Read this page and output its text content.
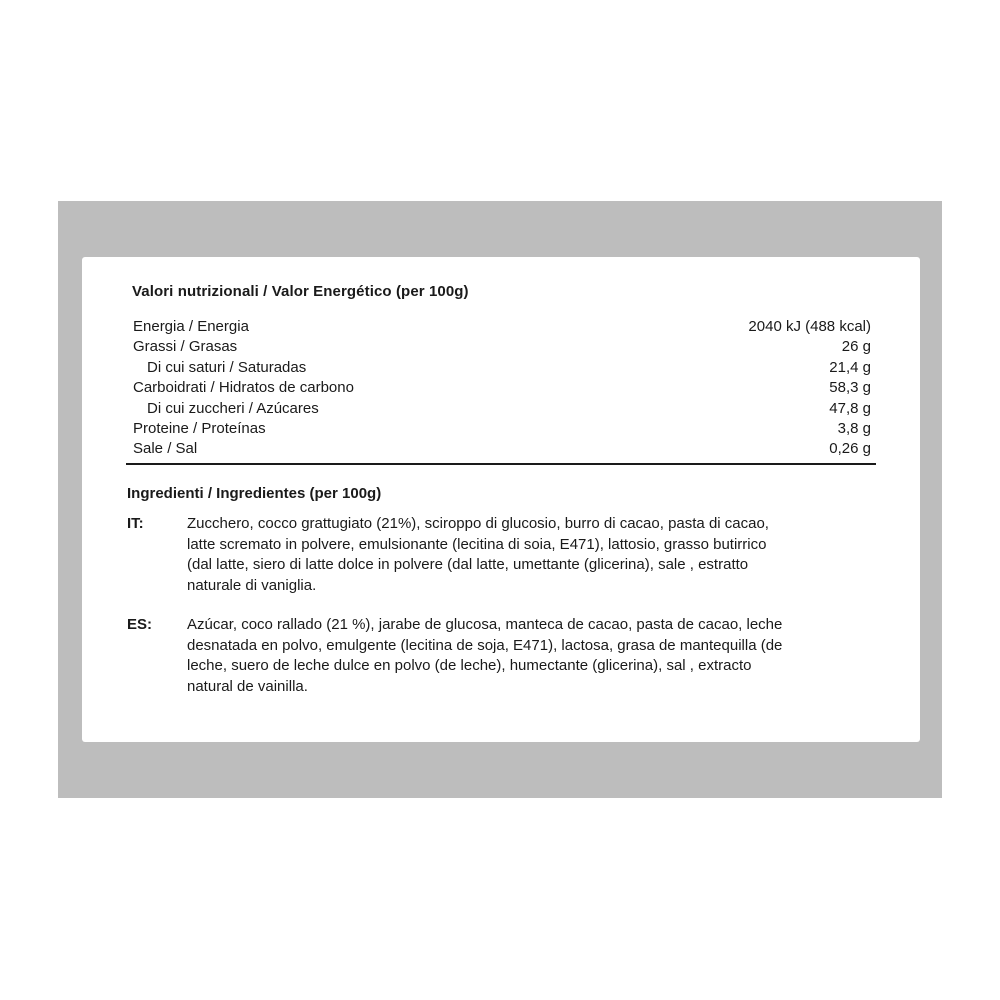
Valori nutrizionali / Valor Energético (per 100g)
Energia / Energia	2040 kJ (488 kcal)
Grassi / Grasas	26 g
Di cui saturi / Saturadas	21,4 g
Carboidrati / Hidratos de carbono	58,3 g
Di cui zuccheri / Azúcares	47,8 g
Proteine / Proteínas	3,8 g
Sale / Sal	0,26 g
Ingredienti / Ingredientes (per 100g)
IT:	Zucchero, cocco grattugiato (21%), sciroppo di glucosio, burro di cacao, pasta di cacao,
latte scremato in polvere, emulsionante (lecitina di soia, E471), lattosio, grasso butirrico
(dal latte, siero di latte dolce in polvere (dal latte, umettante (glicerina), sale , estratto
naturale di vaniglia.
ES:	Azúcar, coco rallado (21 %), jarabe de glucosa, manteca de cacao, pasta de cacao, leche
desnatada en polvo, emulgente (lecitina de soja, E471), lactosa, grasa de mantequilla (de
leche, suero de leche dulce en polvo (de leche), humectante (glicerina), sal , extracto
natural de vainilla.
